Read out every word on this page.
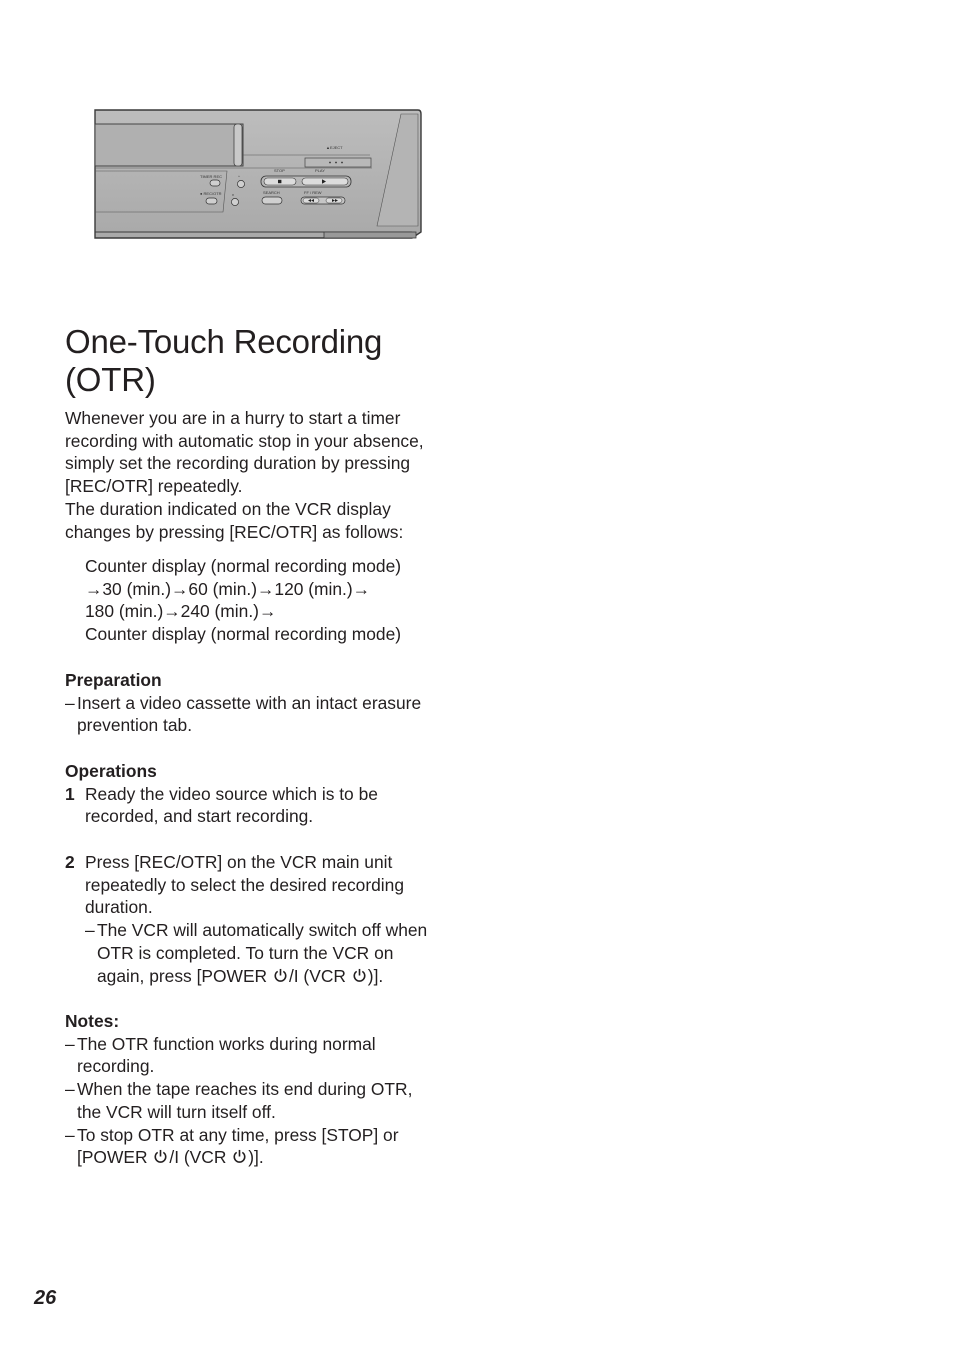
▲EJECT
TIMER REC
● REC/OTR
^
v
STOP	PLAY
SEARCH	FF / REW
One-Touch Recording
(OTR)
Whenever you are in a hurry to start a timer
recording with automatic stop in your absence,
simply set the recording duration by pressing
[REC/OTR] repeatedly.
The duration indicated on the VCR display
changes by pressing [REC/OTR] as follows:
Counter display (normal recording mode)
→30 (min.)→60 (min.)→120 (min.)→
180 (min.)→240 (min.)→
Counter display (normal recording mode)
Preparation
– Insert a video cassette with an intact erasure
prevention tab.
Operations
1 Ready the video source which is to be
recorded, and start recording.
2 Press [REC/OTR] on the VCR main unit
repeatedly to select the desired recording
duration.
– The VCR will automatically switch off when
OTR is completed. To turn the VCR on
again, press [POWER /I (VCR )].
Notes:
– The OTR function works during normal
recording.
– When the tape reaches its end during OTR,
the VCR will turn itself off.
– To stop OTR at any time, press [STOP] or
[POWER /I (VCR )].
26
